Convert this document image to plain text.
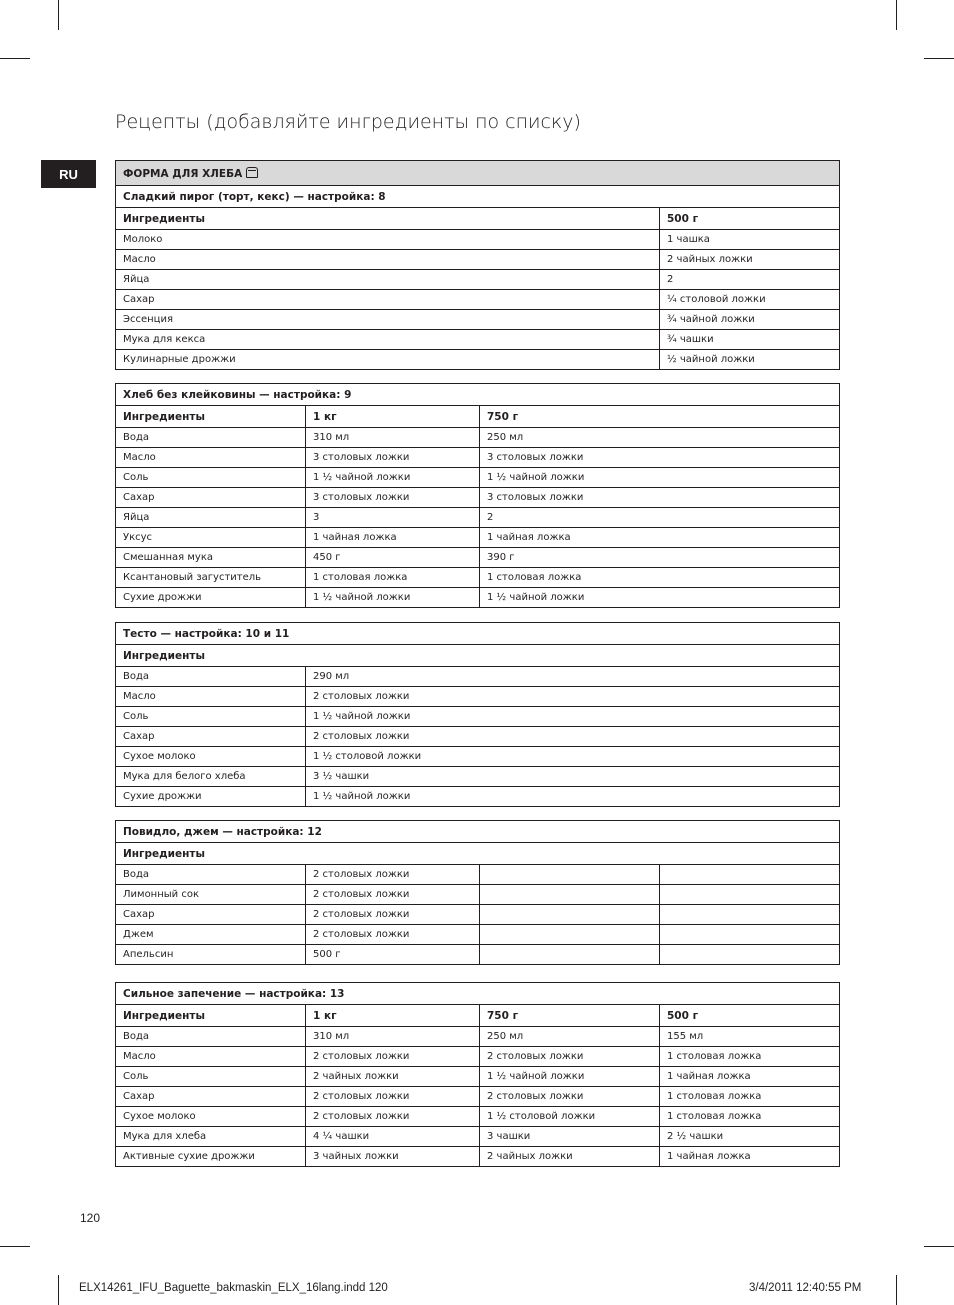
Рецепты (добавляйте ингредиенты по списку)
RU	ФОРМА ДЛЯ ХЛЕБА	
Сладкий пирог (торт, кекс) — настройка: 8	
Ингредиенты	500 г
Молоко	1 чашка
Масло	2 чайных ложки
Яйца	2
Сахар	¼ столовой ложки
Эссенция	¾ чайной ложки
Мука для кекса	¾ чашки
Кулинарные дрожжи	½ чайной ложки
Хлеб без клейковины — настройка: 9		
Ингредиенты	1 кг	750 г
Вода	310 мл	250 мл
Масло	3 столовых ложки	3 столовых ложки
Соль	1 ½ чайной ложки	1 ½ чайной ложки
Сахар	3 столовых ложки	3 столовых ложки
Яйца	3	2
Уксус	1 чайная ложка	1 чайная ложка
Смешанная мука	450 г	390 г
Ксантановый загуститель	1 столовая ложка	1 столовая ложка
Сухие дрожжи	1 ½ чайной ложки	1 ½ чайной ложки
Тесто — настройка: 10 и 11	
Ингредиенты	
Вода	290 мл
Масло	2 столовых ложки
Соль	1 ½ чайной ложки
Сахар	2 столовых ложки
Сухое молоко	1 ½ столовой ложки
Мука для белого хлеба	3 ½ чашки
Сухие дрожжи	1 ½ чайной ложки
Повидло, джем — настройка: 12			
Ингредиенты			
Вода	2 столовых ложки		
Лимонный сок	2 столовых ложки		
Сахар	2 столовых ложки		
Джем	2 столовых ложки		
Апельсин	500 г		
Сильное запечение — настройка: 13			
Ингредиенты	1 кг	750 г	500 г
Вода	310 мл	250 мл	155 мл
Масло	2 столовых ложки	2 столовых ложки	1 столовая ложка
Соль	2 чайных ложки	1 ½ чайной ложки	1 чайная ложка
Сахар	2 столовых ложки	2 столовых ложки	1 столовая ложка
Сухое молоко	2 столовых ложки	1 ½ столовой ложки	1 столовая ложка
Мука для хлеба	4 ¼ чашки	3 чашки	2 ½ чашки
Активные сухие дрожжи	3 чайных ложки	2 чайных ложки	1 чайная ложка
120
ELX14261_IFU_Baguette_bakmaskin_ELX_16lang.indd 120	3/4/2011 12:40:55 PM
